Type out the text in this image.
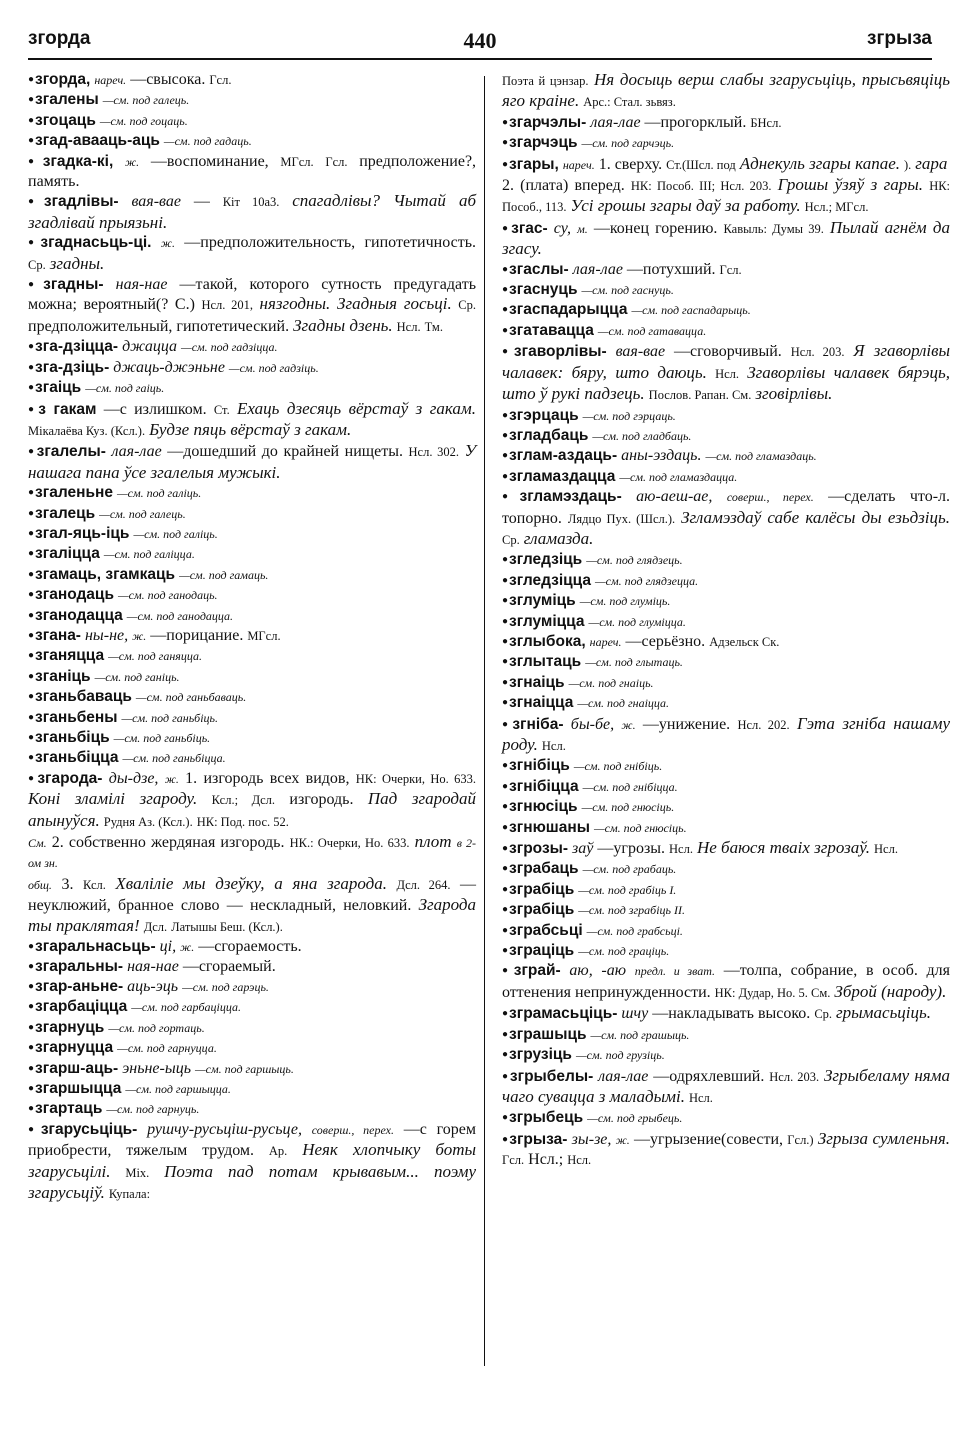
згорда	440	згрыза

● згорда, нареч. —свысока. Гсл.

● згалены —см. под галець.

● згоцаць —см. под гоцаць.

● згад-авааць-аць —см. под гадаць.

● згадка-кі, ж. —воспоминание, МГсл. Гсл. предположение?, память.

● згадлівы- вая-вае — Кіт 10а3. спагадлівы? Чытай аб згадлівай прыязьні.

● згаднасьць-ці. ж. —предположительность, гипотетичность. Ср. згадны.

● згадны- ная-нае —такой, которого сутность предугадать можна; вероятный(? С.) Нсл. 201, нязгодны. Згадныя госьці. Ср. предположительный, гипотетический. Згадны дзень. Нсл. Тм.

● зга-дзіцца- джацца —см. под гадзіцца.

● зга-дзіць- джаць-джэньне —см. под гадзіць.

● згаіць —см. под гаіць.

● з гакам —с излишком. Ст. Ехаць дзесяць вёрстаў з гакам. Мікалаёва Куз. (Ксл.). Будзе пяць вёрстаў з гакам.

● згалелы- лая-лае —дошедший до крайней нищеты. Нсл. 302. У нашага пана ўсе згалелыя мужыкі.

● згаленьне —см. под галіць.

● згалець —см. под галець.

● згал-яць-іць —см. под галіць.

● згаліцца —см. под галіцца.

● згамаць, згамкаць —см. под гамаць.

● зганодаць —см. под ганодаць.

● зганодацца —см. под ганодацца.

● згана- ны-не, ж. —порицание. МГсл.

● зганяцца —см. под ганяцца.

● зганіць —см. под ганіць.

● зганьбаваць —см. под ганьбаваць.

● зганьбены —см. под ганьбіць.

● зганьбіць —см. под ганьбіць.

● зганьбіцца —см. под ганьбіцца.

● згарода- ды-дзе, ж. 1. изгородь всех видов, НК: Очерки, Но. 633. Коні зламілі згароду. Ксл.; Дсл. изгородь. Пад згародай апынуўся. Рудня Аз. (Ксл.). НК: Под. пос. 52.

См. 2. собственно жердяная изгородь. НК.: Очерки, Но. 633. плот в 2-ом зн.

общ. 3. Ксл. Хваліліе мы дзеўку, а яна згарода. Дсл. 264. —неуклюжий, бранное слово — нескладный, неловкий. Згарода ты праклятая! Дсл. Латышы Беш. (Ксл.).

● згаральнасьць- ці, ж. —сгораемость.

● згаральны- ная-нае —сгораемый.

● згар-аньне- аць-эць —см. под гарэць.

● згарбаціцца —см. под гарбаціцца.

● згарнуць —см. под гортаць.

● згарнуцца —см. под гарнуцца.

● згарш-аць- эньне-ыць —см. под гаршыць.

● згаршыцца —см. под гаршыцца.

● згартаць —см. под гарнуць.

● згарусьціць- рушчу-русьціш-русьце, соверш., перех. —с горем приобрести, тяжелым трудом. Ар. Неяк хлопчыку боты згарусьцілі. Міх. Поэта пад потам крывавым... поэму згарусьціў. Купала:

Поэта й цэнзар. Ня досыць верш слабы згарусьціць, прысьвяціць яго краіне. Арс.: Стал. зьвяз.

● згарчэлы- лая-лае —прогорклый. БНсл.

● згарчэць —см. под гарчэць.

● згары, нареч. 1. сверху. Ст.(Шсл. под Аднекуль згары капае. ). гара

2. (плата) вперед. НК: Пособ. III; Нсл. 203. Грошы ўзяў з гары. НК: Пособ., 113. Усі грошы згары даў за работу. Нсл.; МГсл.

● згас- су, м. —конец горению. Кавыль: Думы 39. Пылай агнём да згасу.

● згаслы- лая-лае —потухший. Гсл.

● згаснуць —см. под гаснуць.

● згаспадарыцца —см. под гаспадарыць.

● згатавацца —см. под гатавацца.

● згаворлівы- вая-вае —сговорчивый. Нсл. 203. Я згаворлівы чалавек: бяру, што даюць. Нсл. Згаворлівы чалавек бярэць, што ў рукі падзець. Послов. Рапан. См. зговірлівы.

● згэрцаць —см. под гэрцаць.

● згладбаць —см. под гладбаць.

● зглам-аздаць- аны-эздаць. —см. под гламаздаць.

● згламаздацца —см. под гламаздацца.

● згламэздаць- аю-аеш-ае, соверш., перех. —сделать что-л. топорно. Лядцо Пух. (Шсл.). Згламэздаў сабе калёсы ды езьдзіць. Ср. гламазда.

● згледзіць —см. под глядзець.

● згледзіцца —см. под глядзецца.

● зглуміць —см. под глуміць.

● зглуміцца —см. под глуміцца.

● зглыбока, нареч. —серьёзно. Адзельск Ск.

● зглытаць —см. под глытаць.

● згнаіць —см. под гнаіць.

● згнаіцца —см. под гнаіцца.

● згніба- бы-бе, ж. —унижение. Нсл. 202. Гэта згніба нашаму роду. Нсл.

● згнібіць —см. под гнібіць.

● згнібіцца —см. под гнібіцца.

● згнюсіць —см. под гнюсіць.

● згнюшаны —см. под гнюсіць.

● згрозы- заў —угрозы. Нсл. Не баюся тваіх згрозаў. Нсл.

● зграбаць —см. под грабаць.

● зграбіць —см. под грабіць I.

● зграбіць —см. под зграбіць II.

● зграбсьці —см. под грабсьці.

● зграціць —см. под граціць.

● зграй- аю, -аю предл. и зват. —толпа, собрание, в особ. для оттенения непринужденности. НК: Дудар, Но. 5. См. Зброй (народу).

● зграмасьціць- шчу —накладывать высоко. Ср. грымасьціць.

● зграшыць —см. под грашыць.

● згрузіць —см. под грузіць.

● згрыбелы- лая-лае —одряхлевший. Нсл. 203. Згрыбеламу няма чаго сувацца з маладымі. Нсл.

● згрыбець —см. под грыбець.

● згрыза- зы-зе, ж. —угрызение(совести, Гсл.) Згрыза сумленьня. Гсл. Нсл.; Нсл.
